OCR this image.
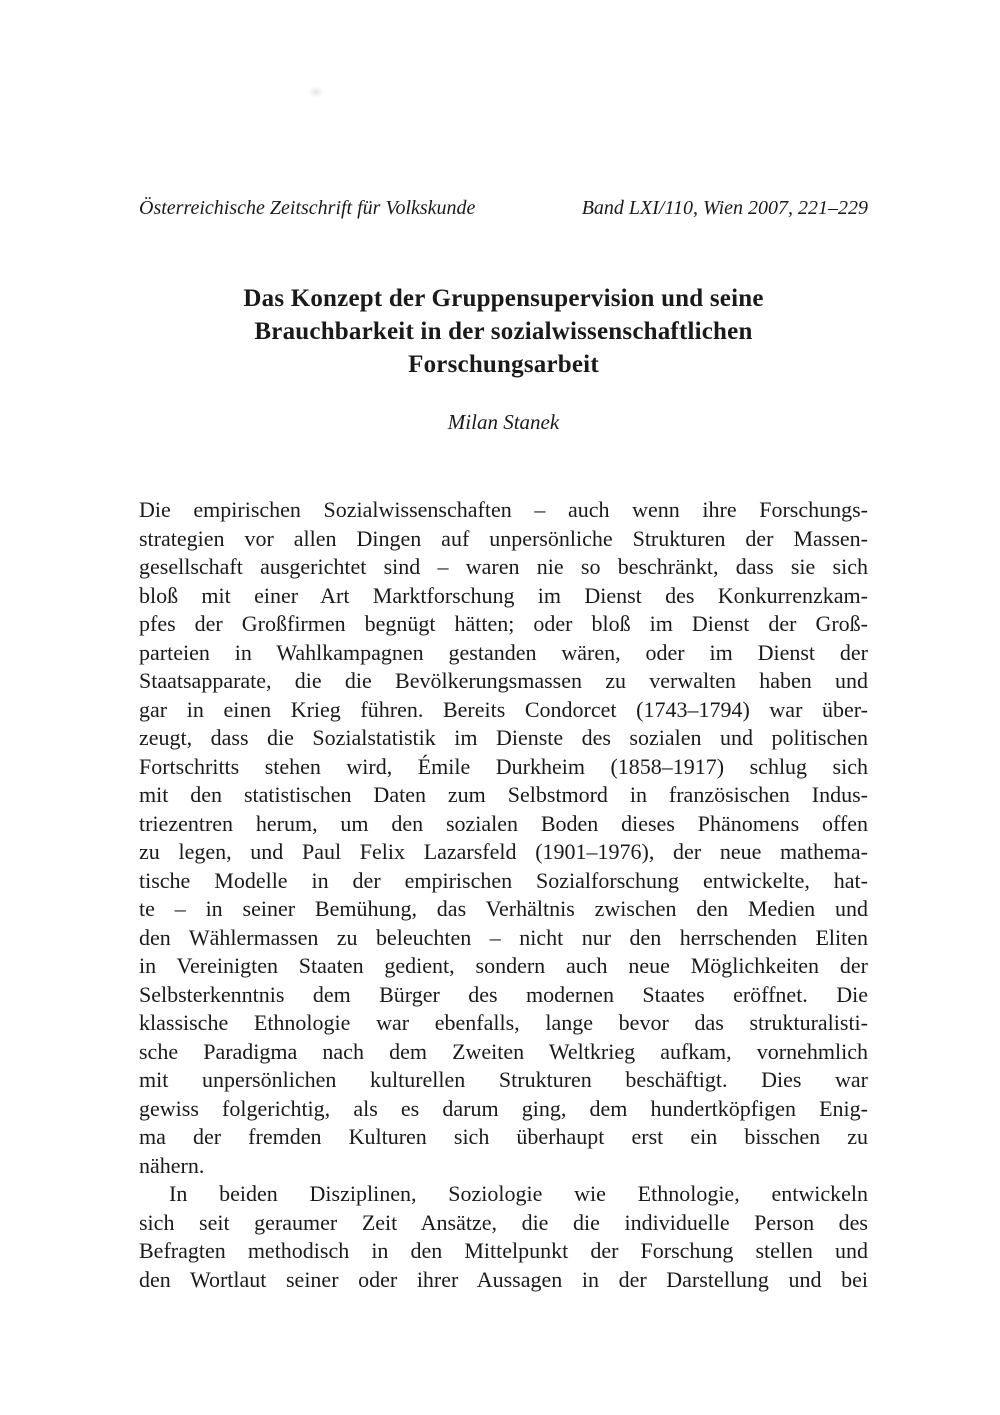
Österreichische Zeitschrift für Volkskunde	Band LXI/110, Wien 2007, 221–229
Das Konzept der Gruppensupervision und seine
Brauchbarkeit in der sozialwissenschaftlichen
Forschungsarbeit
Milan Stanek
Die empirischen Sozialwissenschaften – auch wenn ihre Forschungs-
strategien vor allen Dingen auf unpersönliche Strukturen der Massen-
gesellschaft ausgerichtet sind – waren nie so beschränkt, dass sie sich
bloß mit einer Art Marktforschung im Dienst des Konkurrenzkam-
pfes der Großfirmen begnügt hätten; oder bloß im Dienst der Groß-
parteien in Wahlkampagnen gestanden wären, oder im Dienst der
Staatsapparate, die die Bevölkerungsmassen zu verwalten haben und
gar in einen Krieg führen. Bereits Condorcet (1743–1794) war über-
zeugt, dass die Sozialstatistik im Dienste des sozialen und politischen
Fortschritts stehen wird, Émile Durkheim (1858–1917) schlug sich
mit den statistischen Daten zum Selbstmord in französischen Indus-
triezentren herum, um den sozialen Boden dieses Phänomens offen
zu legen, und Paul Felix Lazarsfeld (1901–1976), der neue mathema-
tische Modelle in der empirischen Sozialforschung entwickelte, hat-
te – in seiner Bemühung, das Verhältnis zwischen den Medien und
den Wählermassen zu beleuchten – nicht nur den herrschenden Eliten
in Vereinigten Staaten gedient, sondern auch neue Möglichkeiten der
Selbsterkenntnis dem Bürger des modernen Staates eröffnet. Die
klassische Ethnologie war ebenfalls, lange bevor das strukturalisti-
sche Paradigma nach dem Zweiten Weltkrieg aufkam, vornehmlich
mit unpersönlichen kulturellen Strukturen beschäftigt. Dies war
gewiss folgerichtig, als es darum ging, dem hundertköpfigen Enig-
ma der fremden Kulturen sich überhaupt erst ein bisschen zu
nähern.
In beiden Disziplinen, Soziologie wie Ethnologie, entwickeln
sich seit geraumer Zeit Ansätze, die die individuelle Person des
Befragten methodisch in den Mittelpunkt der Forschung stellen und
den Wortlaut seiner oder ihrer Aussagen in der Darstellung und bei
